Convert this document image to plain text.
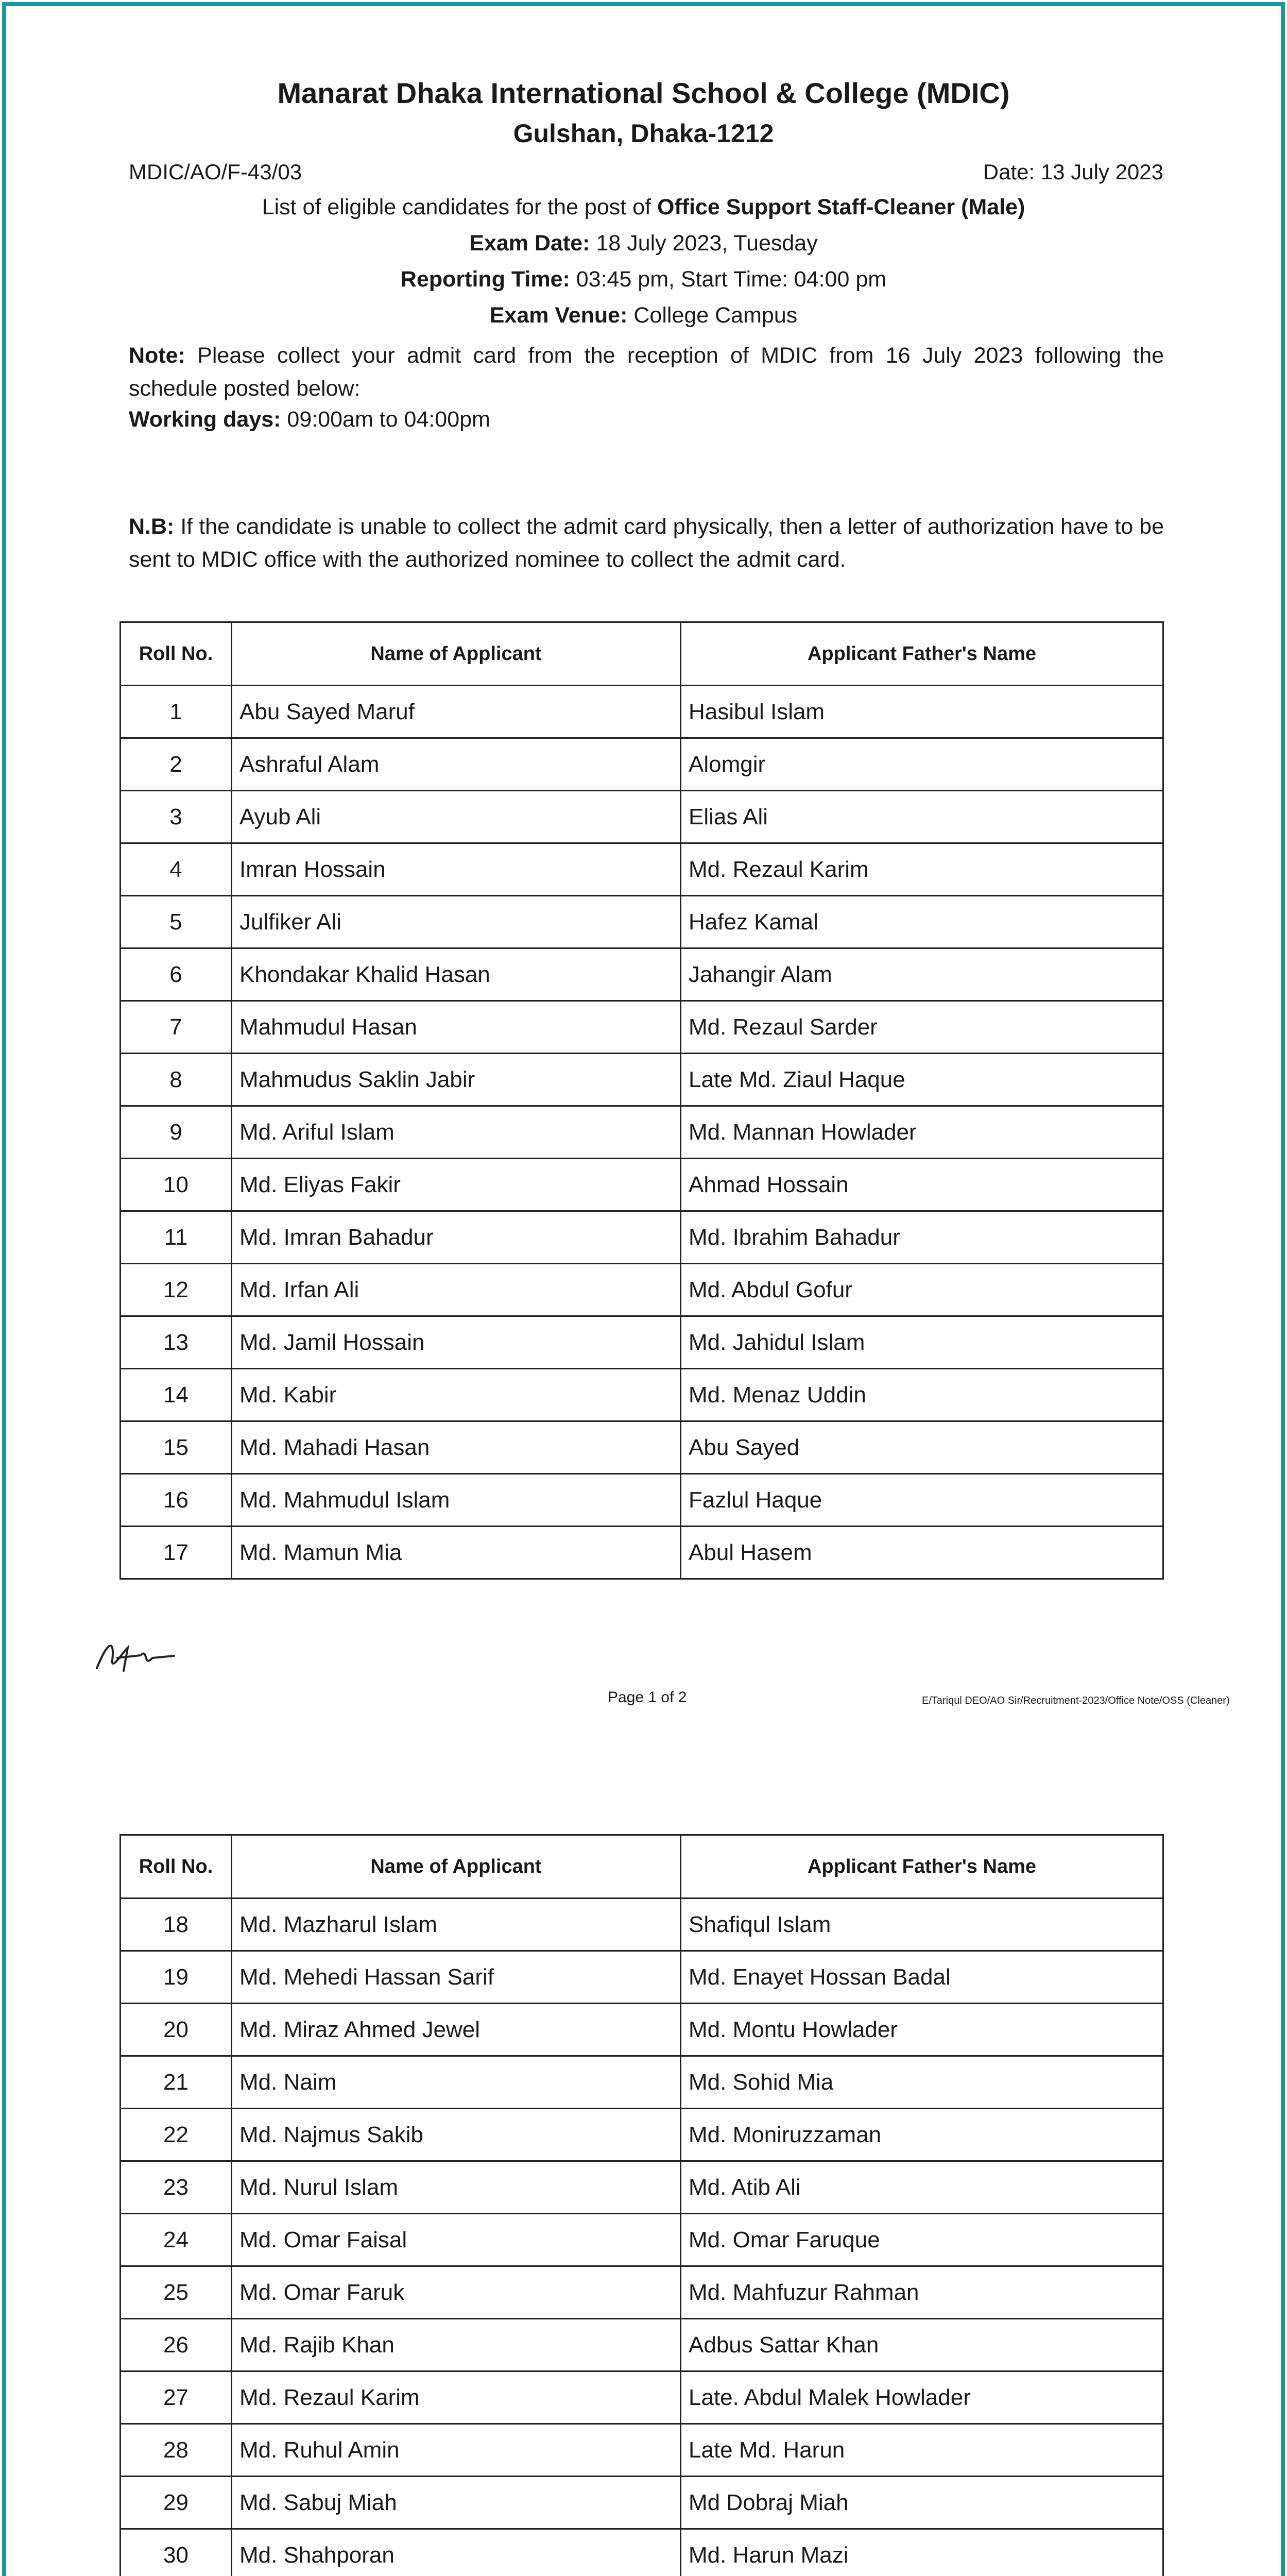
Manarat Dhaka International School & College (MDIC)
Gulshan, Dhaka-1212
MDIC/AO/F-43/03	Date: 13 July 2023
List of eligible candidates for the post of Office Support Staff-Cleaner (Male)
Exam Date: 18 July 2023, Tuesday
Reporting Time: 03:45 pm, Start Time: 04:00 pm
Exam Venue: College Campus
Note: Please collect your admit card from the reception of MDIC from 16 July 2023 following the schedule posted below:
Working days: 09:00am to 04:00pm
N.B: If the candidate is unable to collect the admit card physically, then a letter of authorization have to be sent to MDIC office with the authorized nominee to collect the admit card.
Roll No.	Name of Applicant	Applicant Father's Name
1	Abu Sayed Maruf	Hasibul Islam
2	Ashraful Alam	Alomgir
3	Ayub Ali	Elias Ali
4	Imran Hossain	Md. Rezaul Karim
5	Julfiker Ali	Hafez Kamal
6	Khondakar Khalid Hasan	Jahangir Alam
7	Mahmudul Hasan	Md. Rezaul Sarder
8	Mahmudus Saklin Jabir	Late Md. Ziaul Haque
9	Md. Ariful Islam	Md. Mannan Howlader
10	Md. Eliyas Fakir	Ahmad Hossain
11	Md. Imran Bahadur	Md. Ibrahim Bahadur
12	Md. Irfan Ali	Md. Abdul Gofur
13	Md. Jamil Hossain	Md. Jahidul Islam
14	Md. Kabir	Md. Menaz Uddin
15	Md. Mahadi Hasan	Abu Sayed
16	Md. Mahmudul Islam	Fazlul Haque
17	Md. Mamun Mia	Abul Hasem
Page 1 of 2	E/Tariqul DEO/AO Sir/Recruitment-2023/Office Note/OSS (Cleaner)
Roll No.	Name of Applicant	Applicant Father's Name
18	Md. Mazharul Islam	Shafiqul Islam
19	Md. Mehedi Hassan Sarif	Md. Enayet Hossan Badal
20	Md. Miraz Ahmed Jewel	Md. Montu Howlader
21	Md. Naim	Md. Sohid Mia
22	Md. Najmus Sakib	Md. Moniruzzaman
23	Md. Nurul Islam	Md. Atib Ali
24	Md. Omar Faisal	Md. Omar Faruque
25	Md. Omar Faruk	Md. Mahfuzur Rahman
26	Md. Rajib Khan	Adbus Sattar Khan
27	Md. Rezaul Karim	Late. Abdul Malek Howlader
28	Md. Ruhul Amin	Late Md. Harun
29	Md. Sabuj Miah	Md Dobraj Miah
30	Md. Shahporan	Md. Harun Mazi
